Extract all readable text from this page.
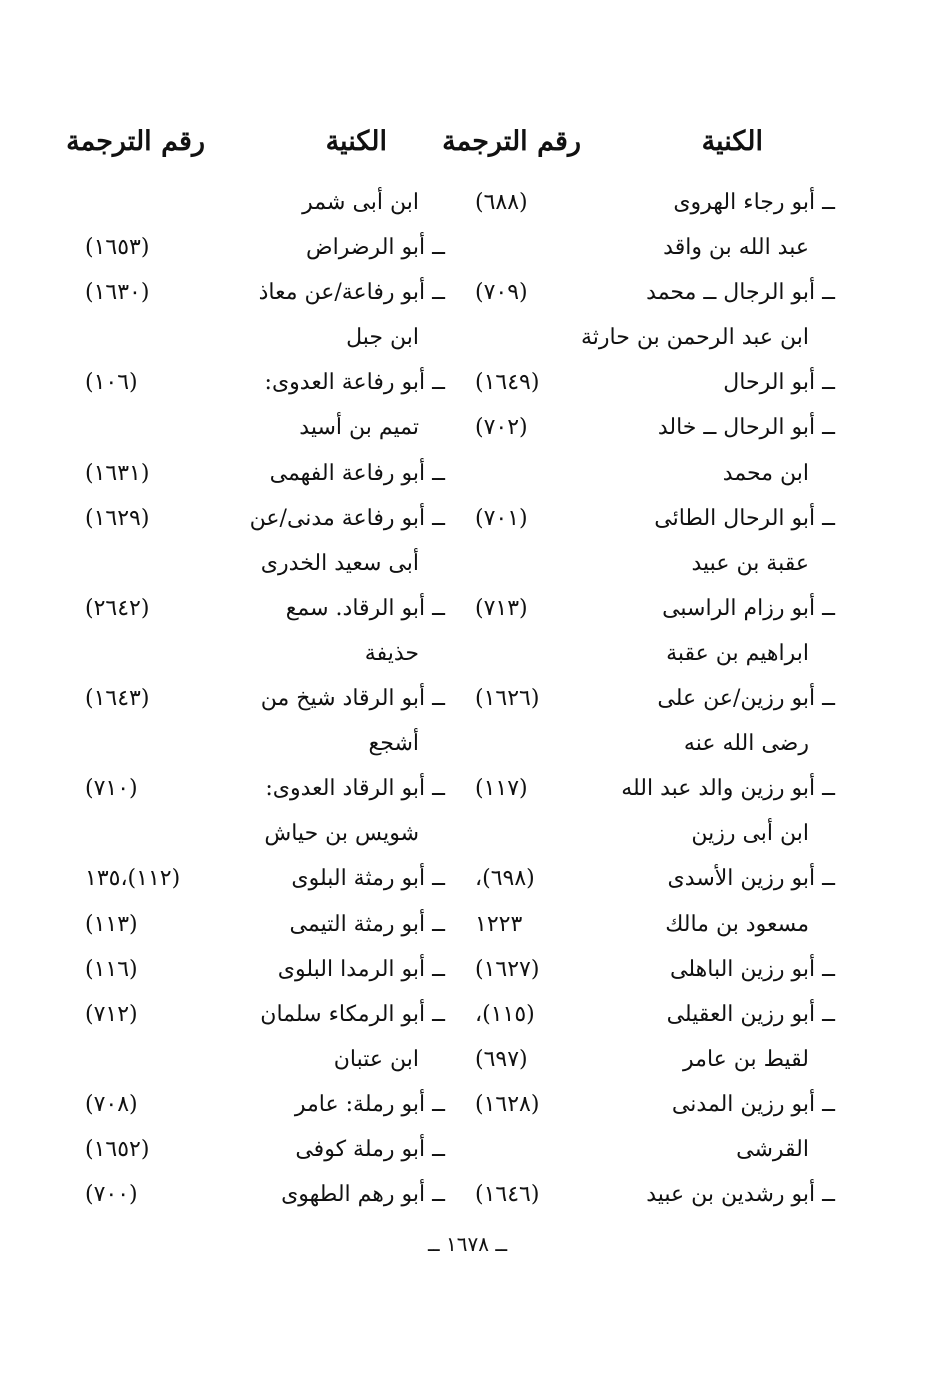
الكنية
رقم الترجمة
الكنية
رقم الترجمة
ــ أبو رجاء الهروى
(٦٨٨)
عبد الله بن واقد
ــ أبو الرجال ــ محمد
(٧٠٩)
ابن عبد الرحمن بن حارثة
ــ أبو الرحال
(١٦٤٩)
ــ أبو الرحال ــ خالد
(٧٠٢)
ابن محمد
ــ أبو الرحال الطائى
(٧٠١)
عقبة بن عبيد
ــ أبو رزام الراسبى
(٧١٣)
ابراهيم بن عقبة
ــ أبو رزين/عن على
(١٦٢٦)
رضى الله عنه
ــ أبو رزين والد عبد الله
(١١٧)
ابن أبى رزين
ــ أبو رزين الأسدى
(٦٩٨)،
مسعود بن مالك
١٢٢٣
ــ أبو رزين الباهلى
(١٦٢٧)
ــ أبو رزين العقيلى
(١١٥)،
لقيط بن عامر
(٦٩٧)
ــ أبو رزين المدنى
(١٦٢٨)
القرشى
ــ أبو رشدين بن عبيد
(١٦٤٦)
ابن أبى شمر
ــ أبو الرضراض
(١٦٥٣)
ــ أبو رفاعة/عن معاذ
(١٦٣٠)
ابن جبل
ــ أبو رفاعة العدوى:
(١٠٦)
تميم بن أسيد
ــ أبو رفاعة الفهمى
(١٦٣١)
ــ أبو رفاعة مدنى/عن
(١٦٢٩)
أبى سعيد الخدرى
ــ أبو الرقاد. سمع
(٢٦٤٢)
حذيفة
ــ أبو الرقاد شيخ من
(١٦٤٣)
أشجع
ــ أبو الرقاد العدوى:
(٧١٠)
شويس بن حياش
ــ أبو رمثة البلوى
(١١٢)،١٣٥
ــ أبو رمثة التيمى
(١١٣)
ــ أبو الرمدا البلوى
(١١٦)
ــ أبو الرمكاء سلمان
(٧١٢)
ابن عتبان
ــ أبو رملة: عامر
(٧٠٨)
ــ أبو رملة كوفى
(١٦٥٢)
ــ أبو رهم الطهوى
(٧٠٠)
ــ ١٦٧٨ ــ
